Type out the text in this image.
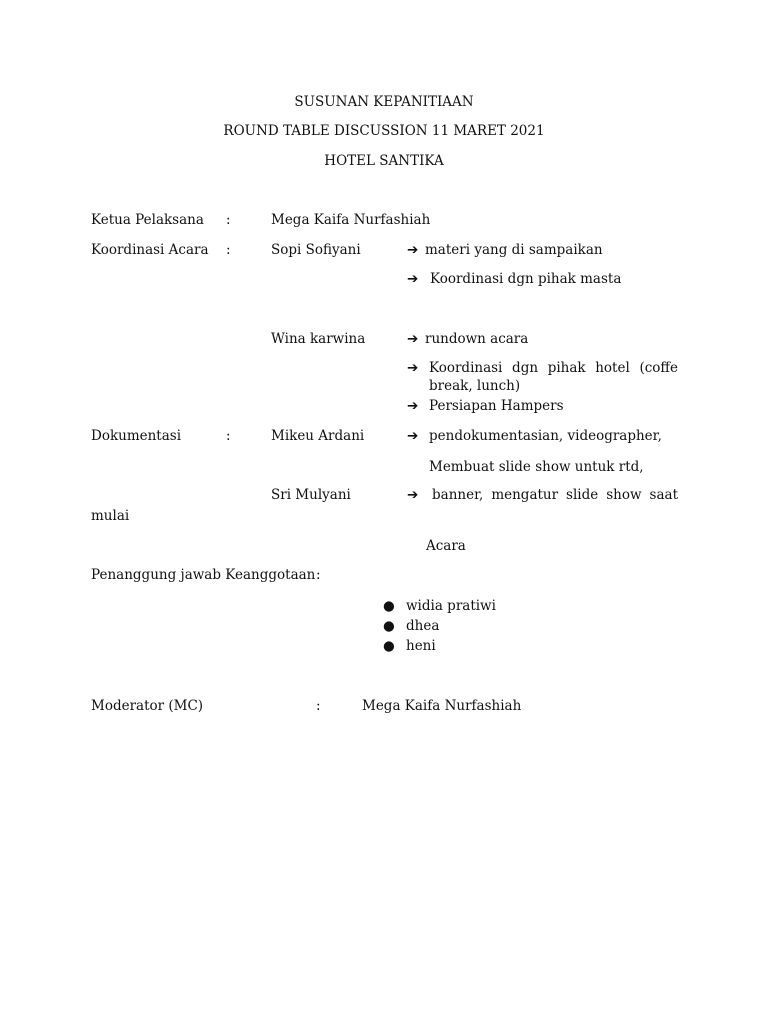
SUSUNAN KEPANITIAAN
ROUND TABLE DISCUSSION 11 MARET 2021
HOTEL SANTIKA
Ketua Pelaksana :	Mega Kaifa Nurfashiah
Koordinasi Acara :	Sopi Sofiyani	➔ materi yang di sampaikan
➔ Koordinasi dgn pihak masta
Wina karwina	➔ rundown acara
➔ Koordinasi dgn pihak hotel (coffe break, lunch)
➔ Persiapan Hampers
Dokumentasi	:	Mikeu Ardani	➔ pendokumentasian, videographer,
Membuat slide show untuk rtd,
Sri Mulyani	➔ banner, mengatur slide show saat
mulai
Acara
Penanggung jawab Keanggotaan :
● widia pratiwi
● dhea
● heni
Moderator (MC)	:	Mega Kaifa Nurfashiah
